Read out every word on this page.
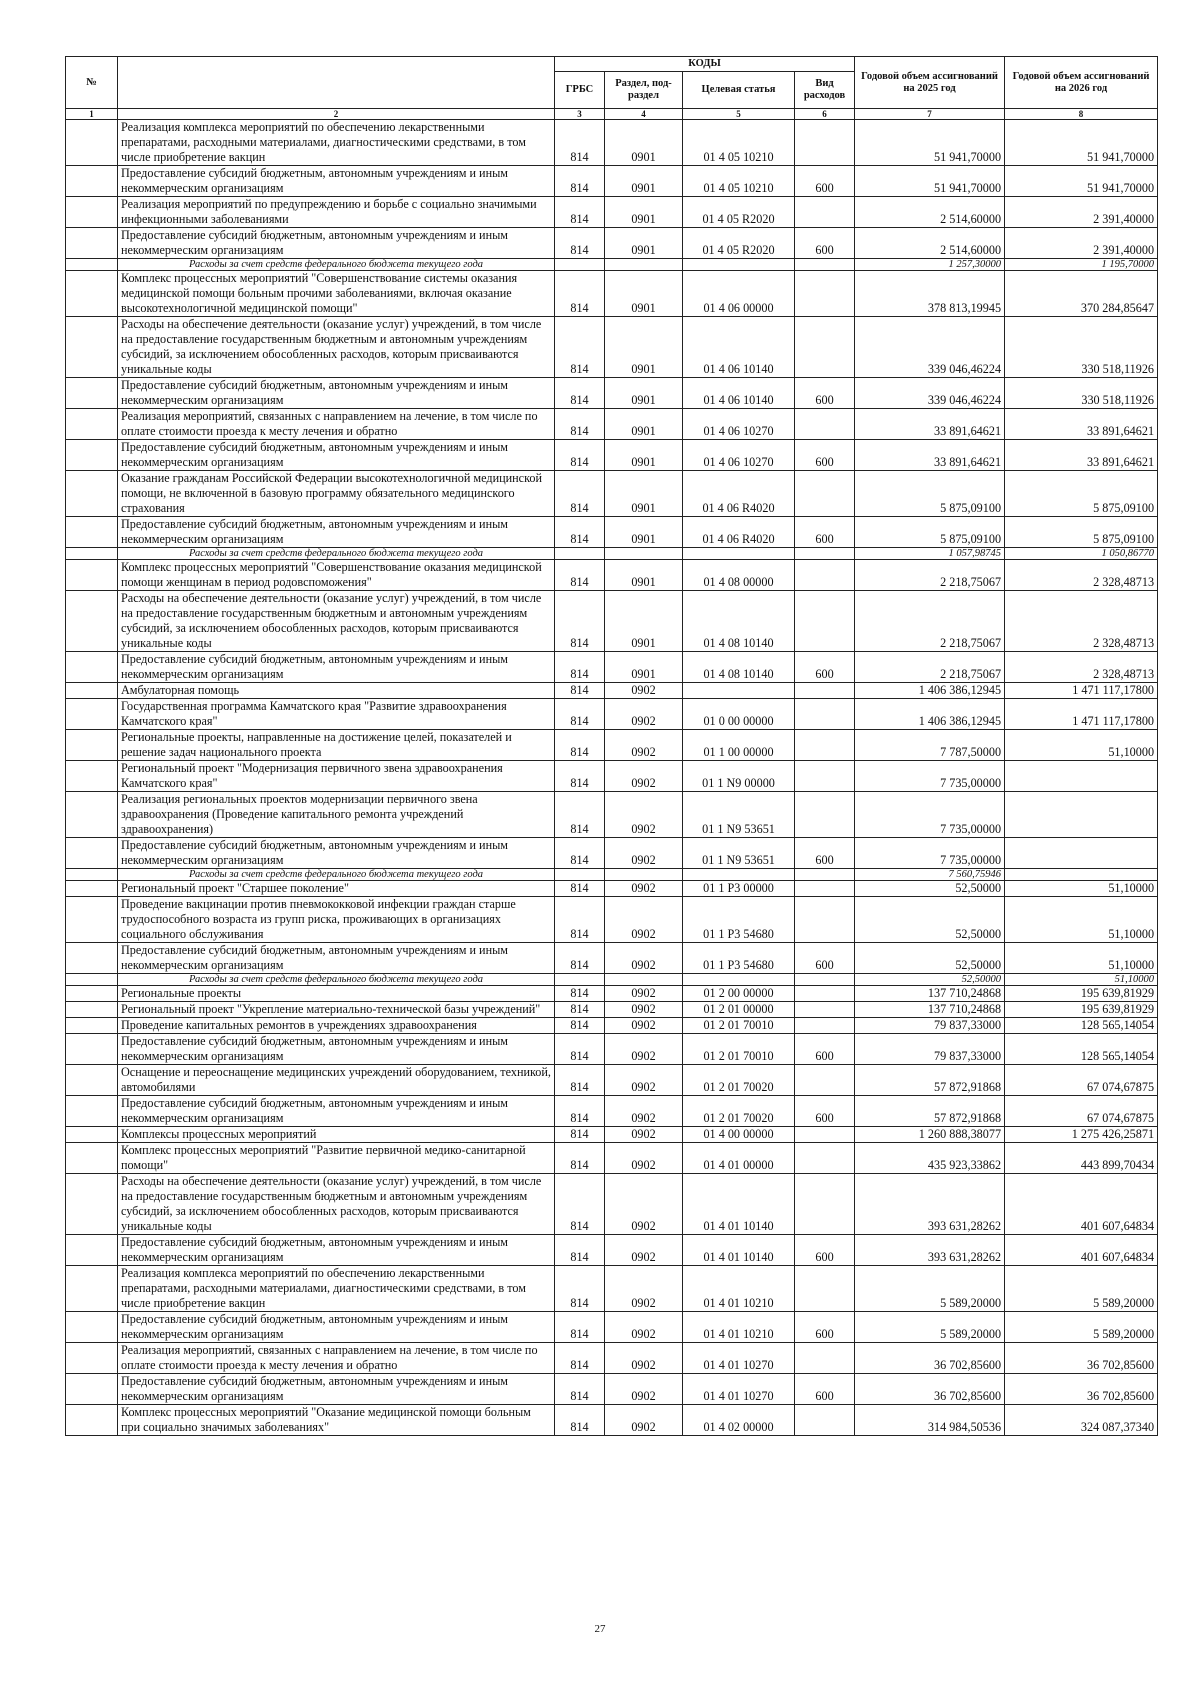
№		КОДЫ				Годовой объем ассигнований на 2025 год	Годовой объем ассигнований на 2026 год
		ГРБС	Раздел, под-раздел	Целевая статья	Вид расходов		
1	2	3	4	5	6	7	8
	Реализация комплекса мероприятий по обеспечению лекарственными препаратами, расходными материалами, диагностическими средствами, в том числе приобретение вакцин	814	0901	01 4 05 10210		51 941,70000	51 941,70000
	Предоставление субсидий бюджетным, автономным учреждениям и иным некоммерческим организациям	814	0901	01 4 05 10210	600	51 941,70000	51 941,70000
	Реализация мероприятий по предупреждению и борьбе с социально значимыми инфекционными заболеваниями	814	0901	01 4 05 R2020		2 514,60000	2 391,40000
	Предоставление субсидий бюджетным, автономным учреждениям и иным некоммерческим организациям	814	0901	01 4 05 R2020	600	2 514,60000	2 391,40000
	Расходы за счет средств федерального бюджета текущего года					1 257,30000	1 195,70000
	Комплекс процессных мероприятий "Совершенствование системы оказания медицинской помощи больным прочими заболеваниями, включая оказание высокотехнологичной медицинской помощи"	814	0901	01 4 06 00000		378 813,19945	370 284,85647
	Расходы на обеспечение деятельности (оказание услуг) учреждений, в том числе на предоставление государственным бюджетным и автономным учреждениям субсидий, за исключением обособленных расходов, которым присваиваются уникальные коды	814	0901	01 4 06 10140		339 046,46224	330 518,11926
	Предоставление субсидий бюджетным, автономным учреждениям и иным некоммерческим организациям	814	0901	01 4 06 10140	600	339 046,46224	330 518,11926
	Реализация мероприятий, связанных с направлением на лечение, в том числе по оплате стоимости проезда к месту лечения и обратно	814	0901	01 4 06 10270		33 891,64621	33 891,64621
	Предоставление субсидий бюджетным, автономным учреждениям и иным некоммерческим организациям	814	0901	01 4 06 10270	600	33 891,64621	33 891,64621
	Оказание гражданам Российской Федерации высокотехнологичной медицинской помощи, не включенной в базовую программу обязательного медицинского страхования	814	0901	01 4 06 R4020		5 875,09100	5 875,09100
	Предоставление субсидий бюджетным, автономным учреждениям и иным некоммерческим организациям	814	0901	01 4 06 R4020	600	5 875,09100	5 875,09100
	Расходы за счет средств федерального бюджета текущего года					1 057,98745	1 050,86770
	Комплекс процессных мероприятий "Совершенствование оказания медицинской помощи женщинам в период родовспоможения"	814	0901	01 4 08 00000		2 218,75067	2 328,48713
	Расходы на обеспечение деятельности (оказание услуг) учреждений, в том числе на предоставление государственным бюджетным и автономным учреждениям субсидий, за исключением обособленных расходов, которым присваиваются уникальные коды	814	0901	01 4 08 10140		2 218,75067	2 328,48713
	Предоставление субсидий бюджетным, автономным учреждениям и иным некоммерческим организациям	814	0901	01 4 08 10140	600	2 218,75067	2 328,48713
	Амбулаторная помощь	814	0902			1 406 386,12945	1 471 117,17800
	Государственная программа Камчатского края "Развитие здравоохранения Камчатского края"	814	0902	01 0 00 00000		1 406 386,12945	1 471 117,17800
	Региональные проекты, направленные на достижение целей, показателей и решение задач национального проекта	814	0902	01 1 00 00000		7 787,50000	51,10000
	Региональный проект "Модернизация первичного звена здравоохранения Камчатского края"	814	0902	01 1 N9 00000		7 735,00000	
	Реализация региональных проектов модернизации первичного звена здравоохранения (Проведение капитального ремонта учреждений здравоохранения)	814	0902	01 1 N9 53651		7 735,00000	
	Предоставление субсидий бюджетным, автономным учреждениям и иным некоммерческим организациям	814	0902	01 1 N9 53651	600	7 735,00000	
	Расходы за счет средств федерального бюджета текущего года					7 560,75946	
	Региональный проект "Старшее поколение"	814	0902	01 1 P3 00000		52,50000	51,10000
	Проведение вакцинации против пневмококковой инфекции граждан старше трудоспособного возраста из групп риска, проживающих в организациях социального обслуживания	814	0902	01 1 P3 54680		52,50000	51,10000
	Предоставление субсидий бюджетным, автономным учреждениям и иным некоммерческим организациям	814	0902	01 1 P3 54680	600	52,50000	51,10000
	Расходы за счет средств федерального бюджета текущего года					52,50000	51,10000
	Региональные проекты	814	0902	01 2 00 00000		137 710,24868	195 639,81929
	Региональный проект "Укрепление материально-технической базы учреждений"	814	0902	01 2 01 00000		137 710,24868	195 639,81929
	Проведение капитальных ремонтов в учреждениях здравоохранения	814	0902	01 2 01 70010		79 837,33000	128 565,14054
	Предоставление субсидий бюджетным, автономным учреждениям и иным некоммерческим организациям	814	0902	01 2 01 70010	600	79 837,33000	128 565,14054
	Оснащение и переоснащение медицинских учреждений оборудованием, техникой, автомобилями	814	0902	01 2 01 70020		57 872,91868	67 074,67875
	Предоставление субсидий бюджетным, автономным учреждениям и иным некоммерческим организациям	814	0902	01 2 01 70020	600	57 872,91868	67 074,67875
	Комплексы процессных мероприятий	814	0902	01 4 00 00000		1 260 888,38077	1 275 426,25871
	Комплекс процессных мероприятий "Развитие первичной медико-санитарной помощи"	814	0902	01 4 01 00000		435 923,33862	443 899,70434
	Расходы на обеспечение деятельности (оказание услуг) учреждений, в том числе на предоставление государственным бюджетным и автономным учреждениям субсидий, за исключением обособленных расходов, которым присваиваются уникальные коды	814	0902	01 4 01 10140		393 631,28262	401 607,64834
	Предоставление субсидий бюджетным, автономным учреждениям и иным некоммерческим организациям	814	0902	01 4 01 10140	600	393 631,28262	401 607,64834
	Реализация комплекса мероприятий по обеспечению лекарственными препаратами, расходными материалами, диагностическими средствами, в том числе приобретение вакцин	814	0902	01 4 01 10210		5 589,20000	5 589,20000
	Предоставление субсидий бюджетным, автономным учреждениям и иным некоммерческим организациям	814	0902	01 4 01 10210	600	5 589,20000	5 589,20000
	Реализация мероприятий, связанных с направлением на лечение, в том числе по оплате стоимости проезда к месту лечения и обратно	814	0902	01 4 01 10270		36 702,85600	36 702,85600
	Предоставление субсидий бюджетным, автономным учреждениям и иным некоммерческим организациям	814	0902	01 4 01 10270	600	36 702,85600	36 702,85600
	Комплекс процессных мероприятий "Оказание медицинской помощи больным при социально значимых заболеваниях"	814	0902	01 4 02 00000		314 984,50536	324 087,37340
27
